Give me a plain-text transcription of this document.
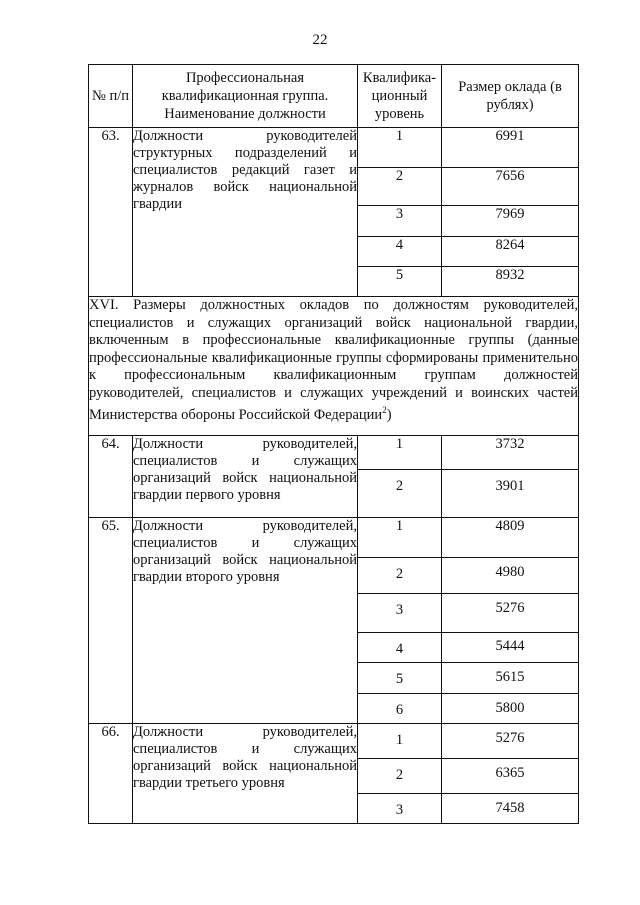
22
№ п/п	Профессиональная квалификационная группа. Наименование должности	Квалифика-ционный уровень	Размер оклада (в рублях)
63.	Должности руководителей структурных подразделений и специалистов редакций газет и журналов войск национальной гвардии	1	6991
		2	7656
		3	7969
		4	8264
		5	8932
XVI. Размеры должностных окладов по должностям руководителей, специалистов и служащих организаций войск национальной гвардии, включенным в профессиональные квалификационные группы (данные профессиональные квалификационные группы сформированы применительно к профессиональным квалификационным группам должностей руководителей, специалистов и служащих учреждений и воинских частей Министерства обороны Российской Федерации$^2$)			
64.	Должности руководителей, специалистов и служащих организаций войск национальной гвардии первого уровня	1	3732
		2	3901
65.	Должности руководителей, специалистов и служащих организаций войск национальной гвардии второго уровня	1	4809
		2	4980
		3	5276
		4	5444
		5	5615
		6	5800
66.	Должности руководителей, специалистов и служащих организаций войск национальной гвардии третьего уровня	1	5276
		2	6365
		3	7458
